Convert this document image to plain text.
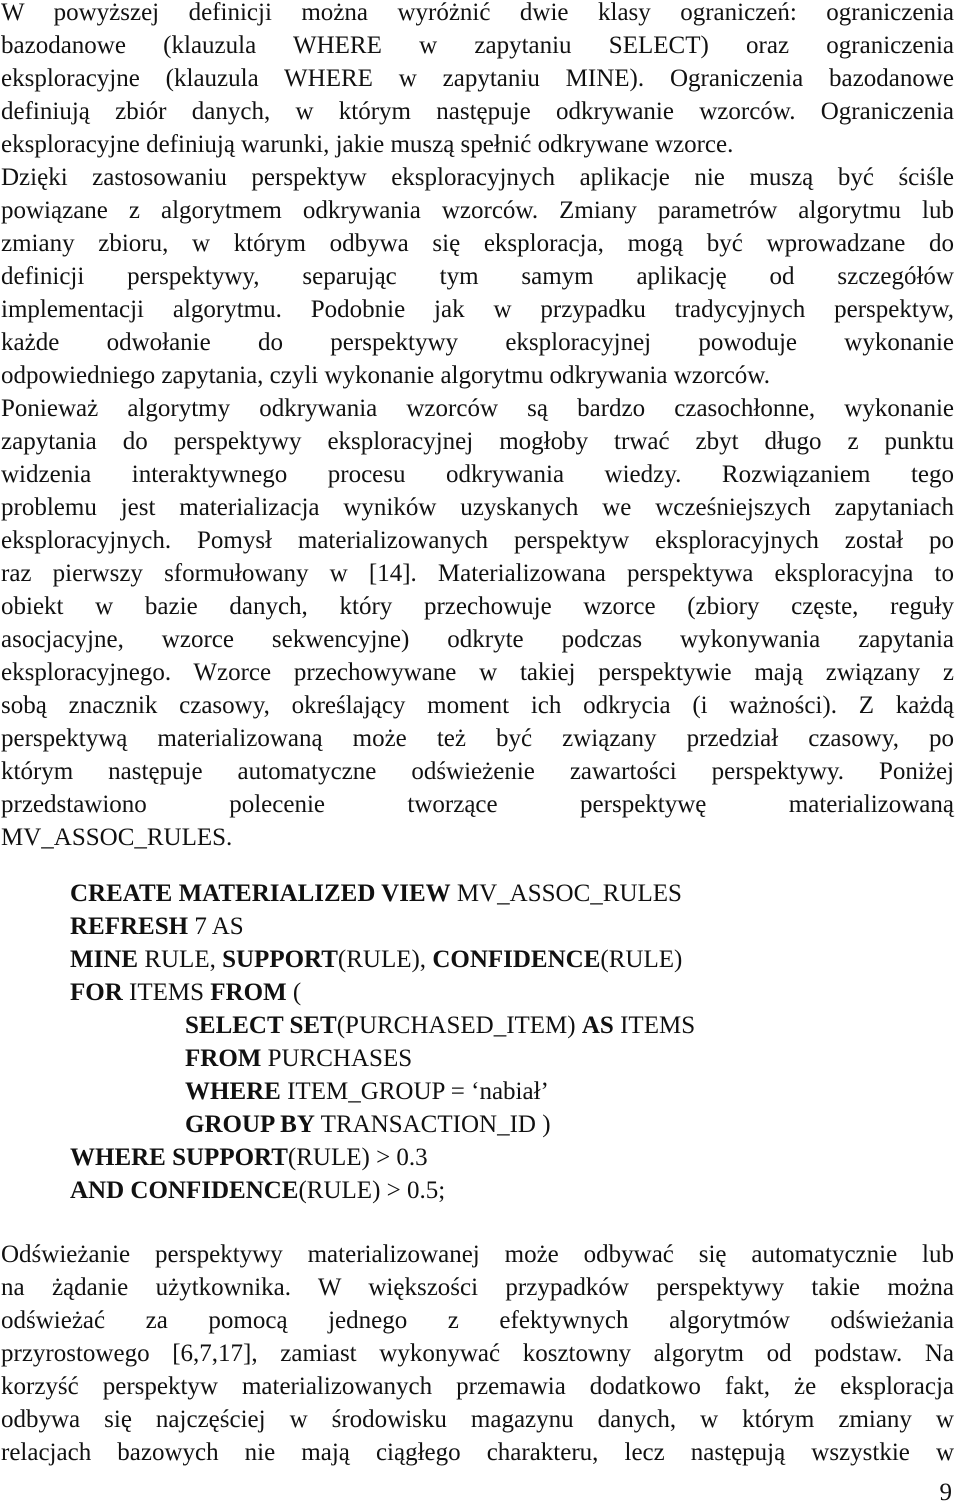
W powyższej definicji można wyróżnić dwie klasy ograniczeń: ograniczenia
bazodanowe (klauzula WHERE w zapytaniu SELECT) oraz ograniczenia
eksploracyjne (klauzula WHERE w zapytaniu MINE). Ograniczenia bazodanowe
definiują zbiór danych, w którym następuje odkrywanie wzorców. Ograniczenia
eksploracyjne definiują warunki, jakie muszą spełnić odkrywane wzorce.
Dzięki zastosowaniu perspektyw eksploracyjnych aplikacje nie muszą być ściśle
powiązane z algorytmem odkrywania wzorców. Zmiany parametrów algorytmu lub
zmiany zbioru, w którym odbywa się eksploracja, mogą być wprowadzane do
definicji perspektywy, separując tym samym aplikację od szczegółów
implementacji algorytmu. Podobnie jak w przypadku tradycyjnych perspektyw,
każde odwołanie do perspektywy eksploracyjnej powoduje wykonanie
odpowiedniego zapytania, czyli wykonanie algorytmu odkrywania wzorców.
Ponieważ algorytmy odkrywania wzorców są bardzo czasochłonne, wykonanie
zapytania do perspektywy eksploracyjnej mogłoby trwać zbyt długo z punktu
widzenia interaktywnego procesu odkrywania wiedzy. Rozwiązaniem tego
problemu jest materializacja wyników uzyskanych we wcześniejszych zapytaniach
eksploracyjnych. Pomysł materializowanych perspektyw eksploracyjnych został po
raz pierwszy sformułowany w [14]. Materializowana perspektywa eksploracyjna to
obiekt w bazie danych, który przechowuje wzorce (zbiory częste, reguły
asocjacyjne, wzorce sekwencyjne) odkryte podczas wykonywania zapytania
eksploracyjnego. Wzorce przechowywane w takiej perspektywie mają związany z
sobą znacznik czasowy, określający moment ich odkrycia (i ważności). Z każdą
perspektywą materializowaną może też być związany przedział czasowy, po
którym następuje automatyczne odświeżenie zawartości perspektywy. Poniżej
przedstawiono polecenie tworzące perspektywę materializowaną
MV_ASSOC_RULES.
CREATE MATERIALIZED VIEW MV_ASSOC_RULES
REFRESH 7 AS
MINE RULE, SUPPORT(RULE), CONFIDENCE(RULE)
FOR ITEMS FROM (
SELECT SET(PURCHASED_ITEM) AS ITEMS
FROM PURCHASES
WHERE ITEM_GROUP = ‘nabiał’
GROUP BY TRANSACTION_ID )
WHERE SUPPORT(RULE) > 0.3
AND CONFIDENCE(RULE) > 0.5;
Odświeżanie perspektywy materializowanej może odbywać się automatycznie lub
na żądanie użytkownika. W większości przypadków perspektywy takie można
odświeżać za pomocą jednego z efektywnych algorytmów odświeżania
przyrostowego [6,7,17], zamiast wykonywać kosztowny algorytm od podstaw. Na
korzyść perspektyw materializowanych przemawia dodatkowo fakt, że eksploracja
odbywa się najczęściej w środowisku magazynu danych, w którym zmiany w
relacjach bazowych nie mają ciągłego charakteru, lecz następują wszystkie w
9
